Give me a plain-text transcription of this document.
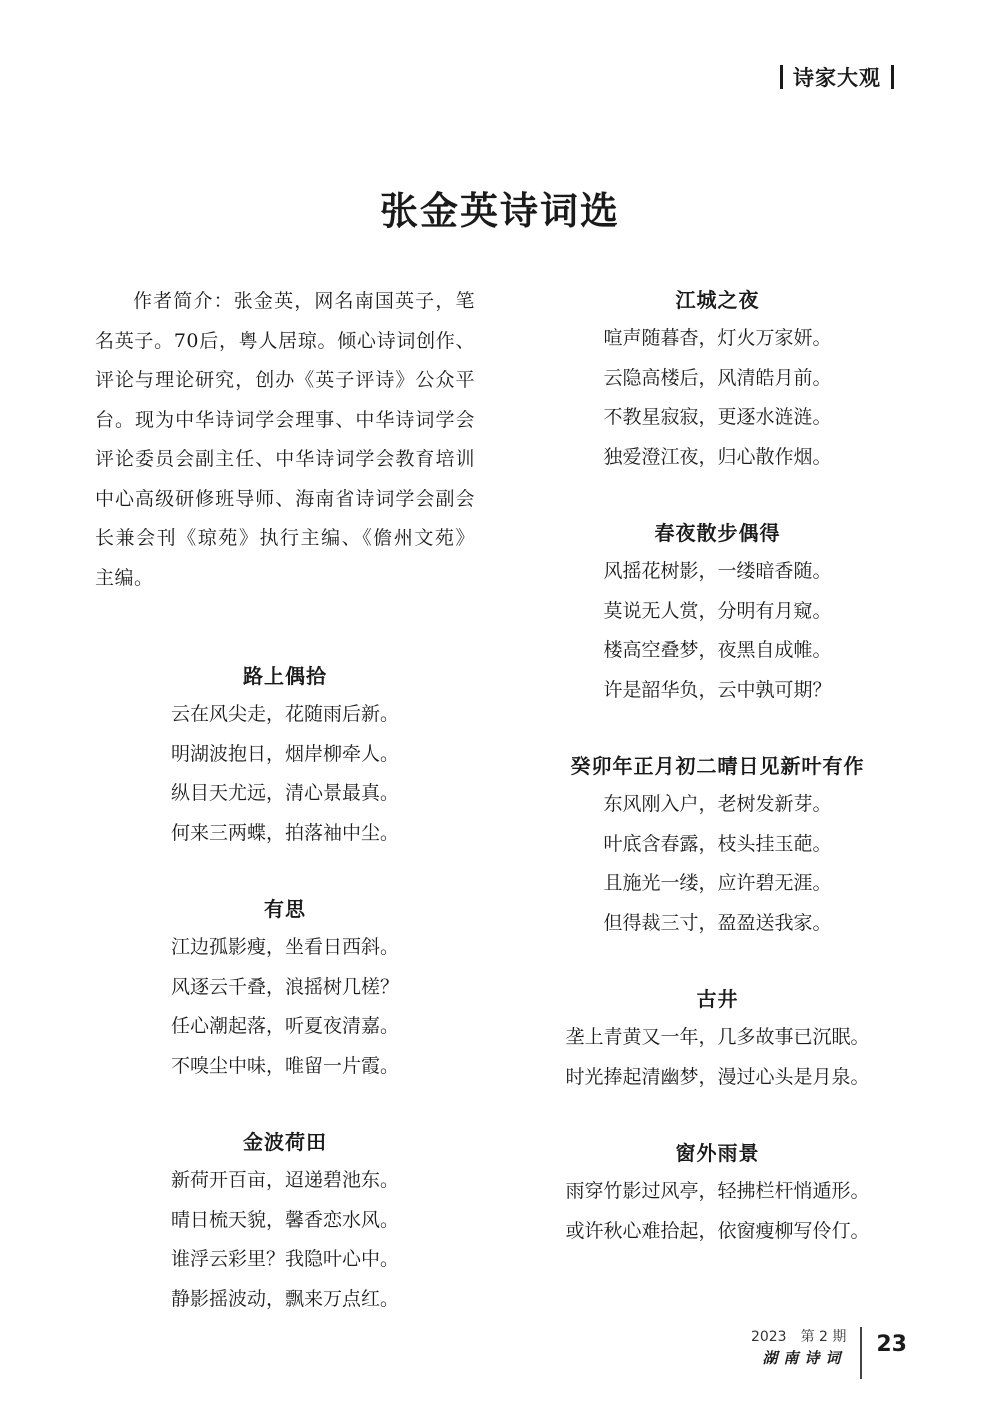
诗家大观
张金英诗词选

作者简介：张金英，网名南国英子，笔名英子。70后，粤人居琼。倾心诗词创作、评论与理论研究，创办《英子评诗》公众平台。现为中华诗词学会理事、中华诗词学会评论委员会副主任、中华诗词学会教育培训中心高级研修班导师、海南省诗词学会副会长兼会刊《琼苑》执行主编、《儋州文苑》主编。

路上偶拾
云在风尖走，花随雨后新。
明湖波抱日，烟岸柳牵人。
纵目天尤远，清心景最真。
何来三两蝶，拍落袖中尘。
有思
江边孤影瘦，坐看日西斜。
风逐云千叠，浪摇树几槎？
任心潮起落，听夏夜清嘉。
不嗅尘中味，唯留一片霞。
金波荷田
新荷开百亩，迢递碧池东。
晴日梳天貌，馨香恋水风。
谁浮云彩里？我隐叶心中。
静影摇波动，飘来万点红。
江城之夜
喧声随暮杳，灯火万家妍。
云隐高楼后，风清皓月前。
不教星寂寂，更逐水涟涟。
独爱澄江夜，归心散作烟。
春夜散步偶得
风摇花树影，一缕暗香随。
莫说无人赏，分明有月窥。
楼高空叠梦，夜黑自成帷。
许是韶华负，云中孰可期？
癸卯年正月初二晴日见新叶有作
东风刚入户，老树发新芽。
叶底含春露，枝头挂玉葩。
且施光一缕，应许碧无涯。
但得裁三寸，盈盈送我家。
古井
垄上青黄又一年，几多故事已沉眠。
时光捧起清幽梦，漫过心头是月泉。
窗外雨景
雨穿竹影过风亭，轻拂栏杆悄遁形。
或许秋心难拾起，依窗瘦柳写伶仃。
2023　第 2 期
湖南诗词
23
